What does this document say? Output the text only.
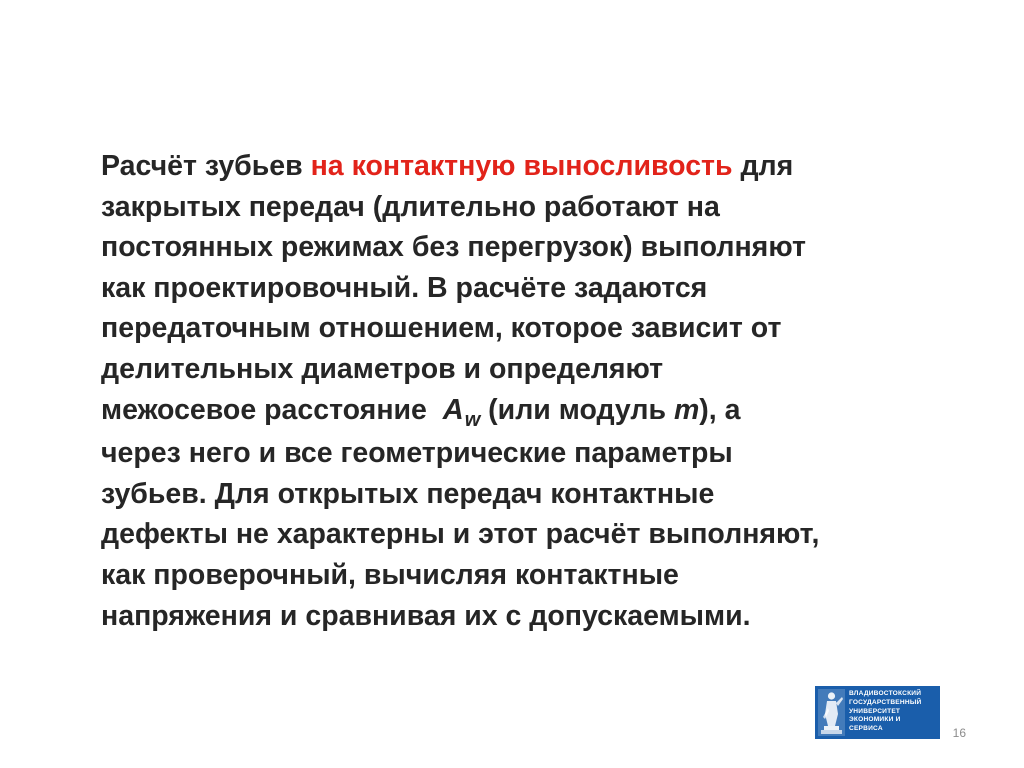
Расчёт зубьев на контактную выносливость для
закрытых передач (длительно работают на
постоянных режимах без перегрузок) выполняют
как проектировочный. В расчёте задаются
передаточным отношением, которое зависит от
делительных диаметров и определяют
межосевое расстояние  $A_w$ (или модуль m), а
через него и все геометрические параметры
зубьев. Для открытых передач контактные
дефекты не характерны и этот расчёт выполняют,
как проверочный, вычисляя контактные
напряжения и сравнивая их с допускаемыми.

ВЛАДИВОСТОКСКИЙ
ГОСУДАРСТВЕННЫЙ
УНИВЕРСИТЕТ
ЭКОНОМИКИ И
СЕРВИСА	16
